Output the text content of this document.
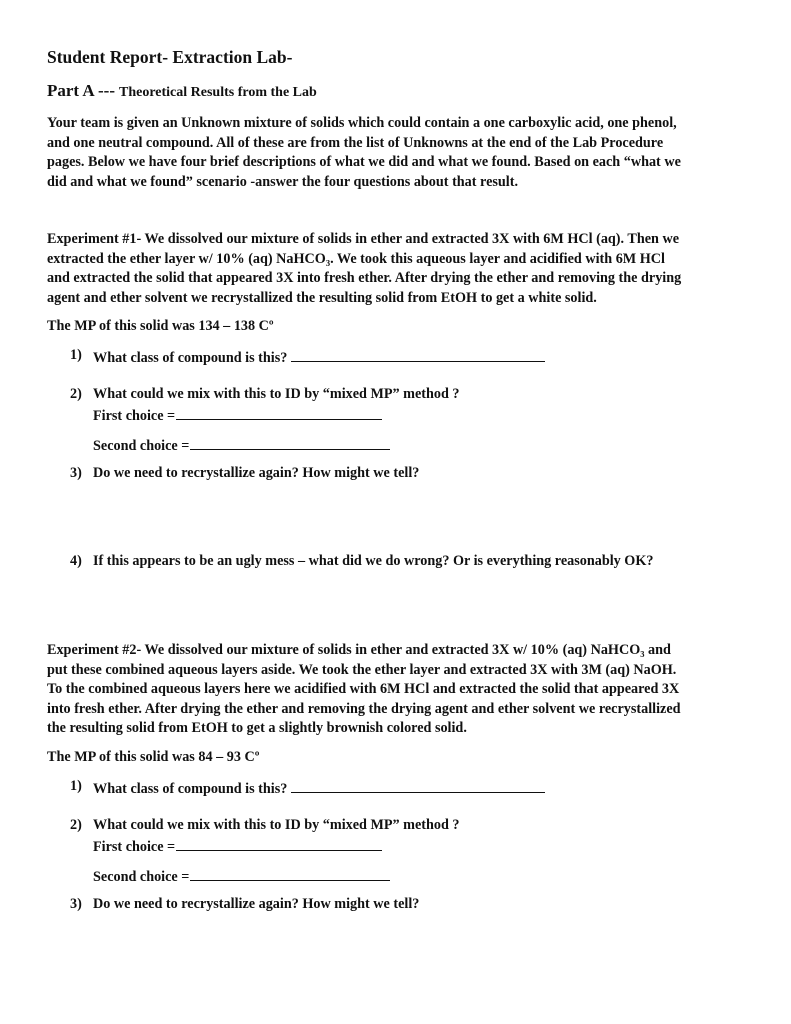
Student Report- Extraction Lab-
Part A --- Theoretical Results from the Lab
Your team is given an Unknown mixture of solids which could contain a one carboxylic acid, one phenol,
and one neutral compound. All of these are from the list of Unknowns at the end of the Lab Procedure
pages. Below we have four brief descriptions of what we did and what we found. Based on each “what we
did and what we found” scenario -answer the four questions about that result.
Experiment #1- We dissolved our mixture of solids in ether and extracted 3X with 6M HCl (aq). Then we
extracted the ether layer w/ 10% (aq) NaHCO₃. We took this aqueous layer and acidified with 6M HCl
and extracted the solid that appeared 3X into fresh ether. After drying the ether and removing the drying
agent and ether solvent we recrystallized the resulting solid from EtOH to get a white solid.
The MP of this solid was 134 – 138 Cº
1) What class of compound is this?
2) What could we mix with this to ID by “mixed MP” method ?
First choice =
Second choice =
3) Do we need to recrystallize again? How might we tell?
4) If this appears to be an ugly mess – what did we do wrong? Or is everything reasonably OK?
Experiment #2- We dissolved our mixture of solids in ether and extracted 3X w/ 10% (aq) NaHCO₃ and
put these combined aqueous layers aside. We took the ether layer and extracted 3X with 3M (aq) NaOH.
To the combined aqueous layers here we acidified with 6M HCl and extracted the solid that appeared 3X
into fresh ether. After drying the ether and removing the drying agent and ether solvent we recrystallized
the resulting solid from EtOH to get a slightly brownish colored solid.
The MP of this solid was 84 – 93 Cº
1) What class of compound is this?
2) What could we mix with this to ID by “mixed MP” method ?
First choice =
Second choice =
3) Do we need to recrystallize again? How might we tell?
